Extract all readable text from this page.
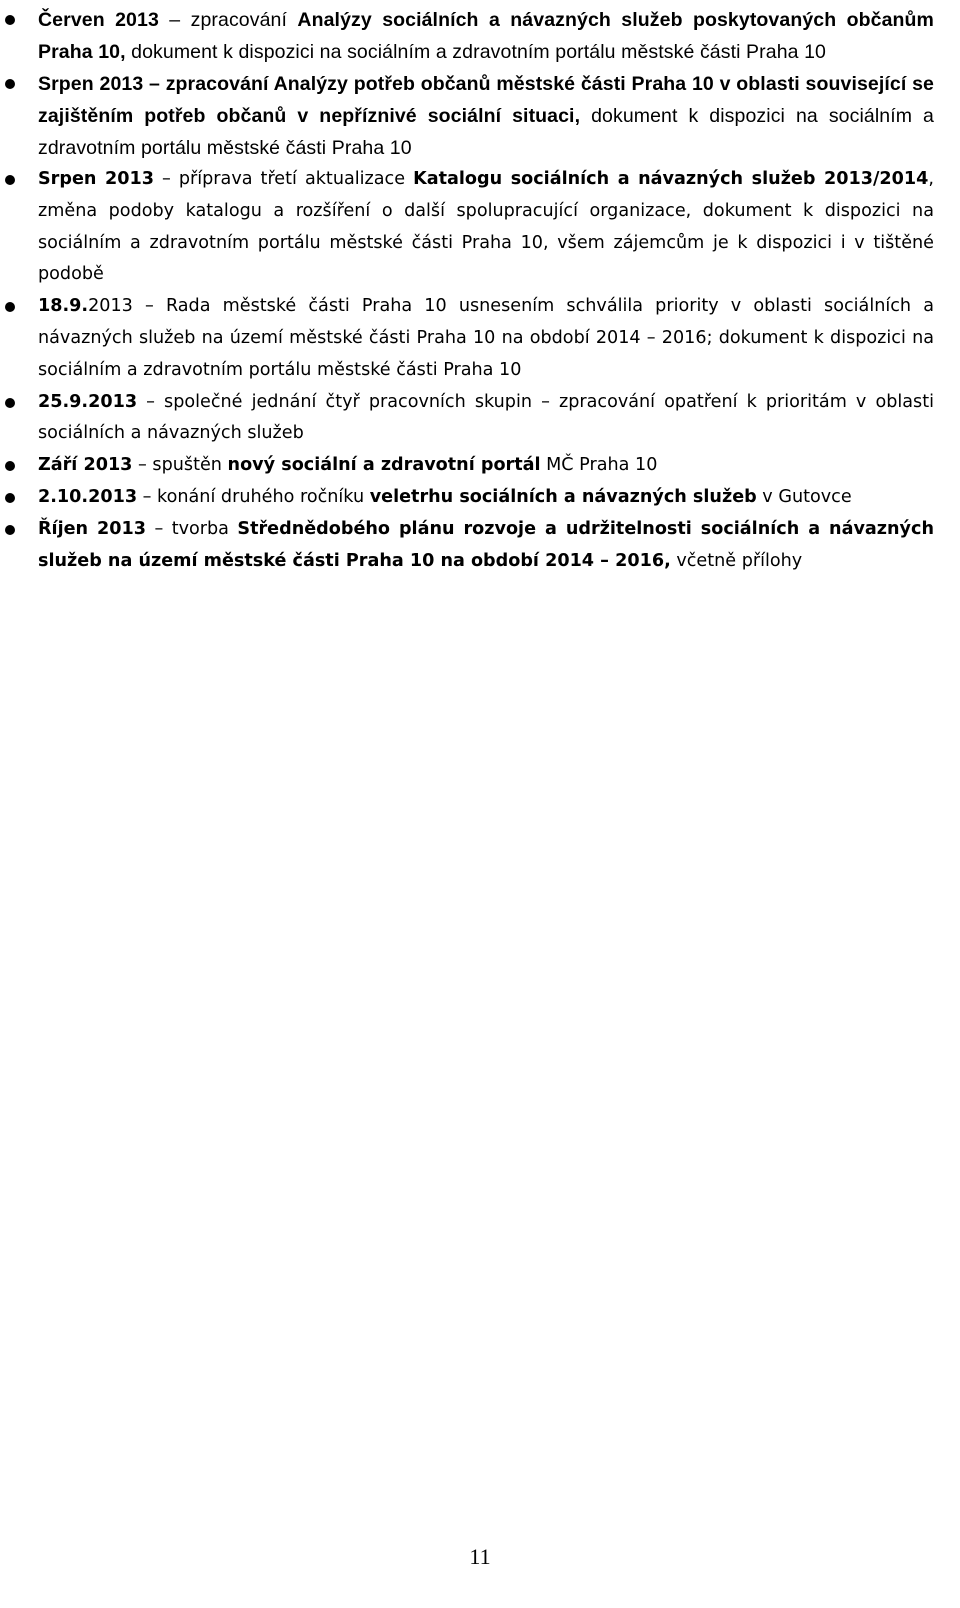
Červen 2013 – zpracování Analýzy sociálních a návazných služeb poskytovaných občanům Praha 10, dokument k dispozici na sociálním a zdravotním portálu městské části Praha 10
Srpen 2013 – zpracování Analýzy potřeb občanů městské části Praha 10 v oblasti související se zajištěním potřeb občanů v nepříznivé sociální situaci, dokument k dispozici na sociálním a zdravotním portálu městské části Praha 10
Srpen 2013 – příprava třetí aktualizace Katalogu sociálních a návazných služeb 2013/2014, změna podoby katalogu a rozšíření o další spolupracující organizace, dokument k dispozici na sociálním a zdravotním portálu městské části Praha 10, všem zájemcům je k dispozici i v tištěné podobě
18.9.2013 – Rada městské části Praha 10 usnesením schválila priority v oblasti sociálních a návazných služeb na území městské části Praha 10 na období 2014 – 2016; dokument k dispozici na sociálním a zdravotním portálu městské části Praha 10
25.9.2013 – společné jednání čtyř pracovních skupin – zpracování opatření k prioritám v oblasti sociálních a návazných služeb
Září 2013 – spuštěn nový sociální a zdravotní portál MČ Praha 10
2.10.2013 – konání druhého ročníku veletrhu sociálních a návazných služeb v Gutovce
Říjen 2013 – tvorba Střednědobého plánu rozvoje a udržitelnosti sociálních a návazných služeb na území městské části Praha 10 na období 2014 – 2016, včetně přílohy
11
